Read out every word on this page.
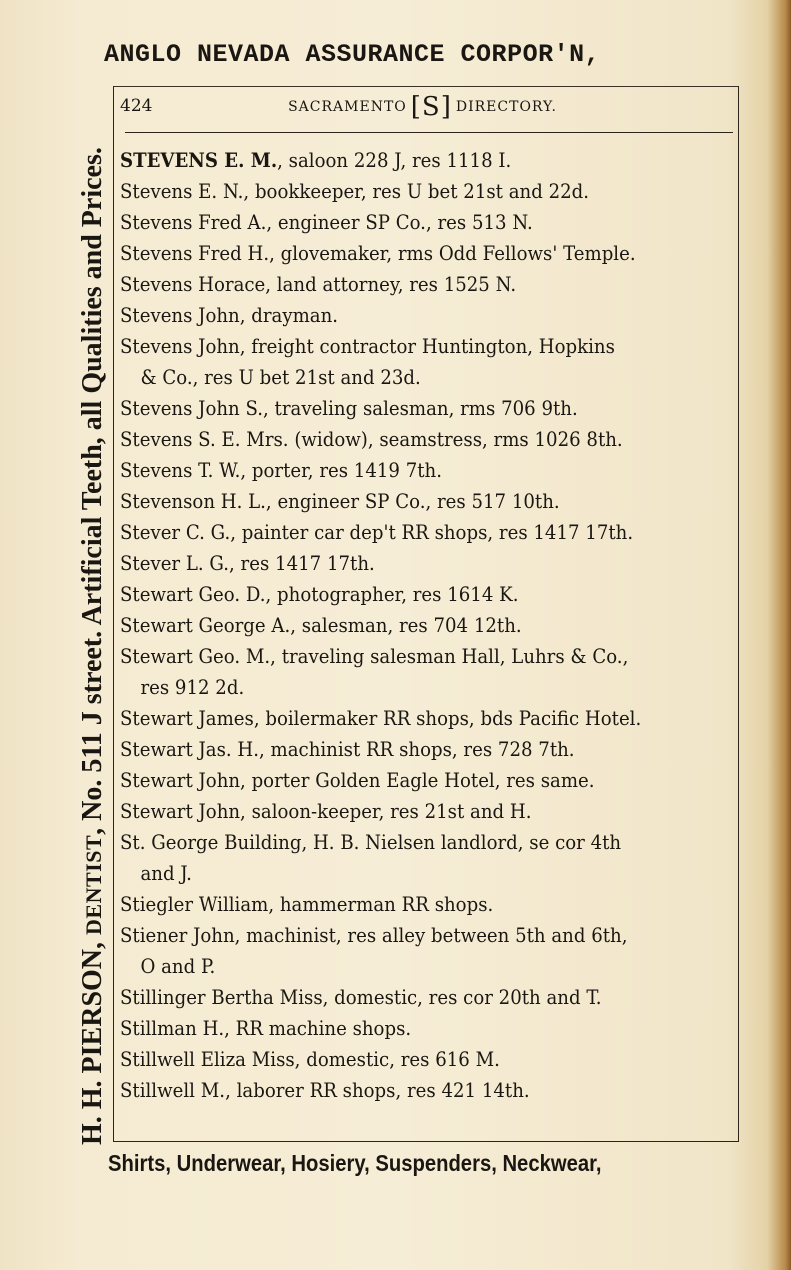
ANGLO NEVADA ASSURANCE CORPOR'N,
H. H. PIERSON, DENTIST, No. 511 J street. Artificial Teeth, all Qualities and Prices.
424	SACRAMENTO [S] DIRECTORY.
STEVENS E. M., saloon 228 J, res 1118 I.
Stevens E. N., bookkeeper, res U bet 21st and 22d.
Stevens Fred A., engineer SP Co., res 513 N.
Stevens Fred H., glovemaker, rms Odd Fellows' Temple.
Stevens Horace, land attorney, res 1525 N.
Stevens John, drayman.
Stevens John, freight contractor Huntington, Hopkins
& Co., res U bet 21st and 23d.
Stevens John S., traveling salesman, rms 706 9th.
Stevens S. E. Mrs. (widow), seamstress, rms 1026 8th.
Stevens T. W., porter, res 1419 7th.
Stevenson H. L., engineer SP Co., res 517 10th.
Stever C. G., painter car dep't RR shops, res 1417 17th.
Stever L. G., res 1417 17th.
Stewart Geo. D., photographer, res 1614 K.
Stewart George A., salesman, res 704 12th.
Stewart Geo. M., traveling salesman Hall, Luhrs & Co.,
res 912 2d.
Stewart James, boilermaker RR shops, bds Pacific Hotel.
Stewart Jas. H., machinist RR shops, res 728 7th.
Stewart John, porter Golden Eagle Hotel, res same.
Stewart John, saloon-keeper, res 21st and H.
St. George Building, H. B. Nielsen landlord, se cor 4th
and J.
Stiegler William, hammerman RR shops.
Stiener John, machinist, res alley between 5th and 6th,
O and P.
Stillinger Bertha Miss, domestic, res cor 20th and T.
Stillman H., RR machine shops.
Stillwell Eliza Miss, domestic, res 616 M.
Stillwell M., laborer RR shops, res 421 14th.
Shirts, Underwear, Hosiery, Suspenders, Neckwear,
